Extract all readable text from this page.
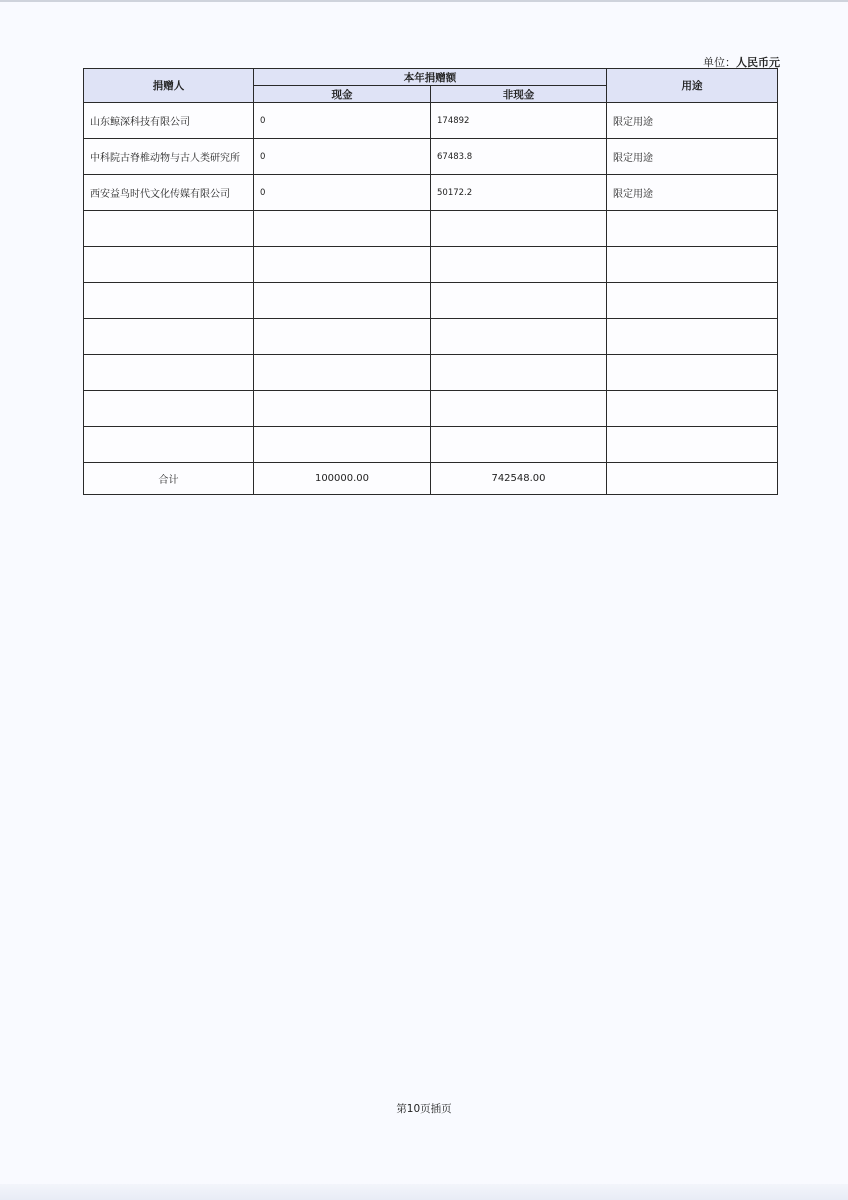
单位：人民币元
捐赠人	本年捐赠额		用途
	现金	非现金	
山东鲸深科技有限公司	0	174892	限定用途
中科院古脊椎动物与古人类研究所	0	67483.8	限定用途
西安益鸟时代文化传媒有限公司	0	50172.2	限定用途

合计	100000.00	742548.00	
第10页插页
